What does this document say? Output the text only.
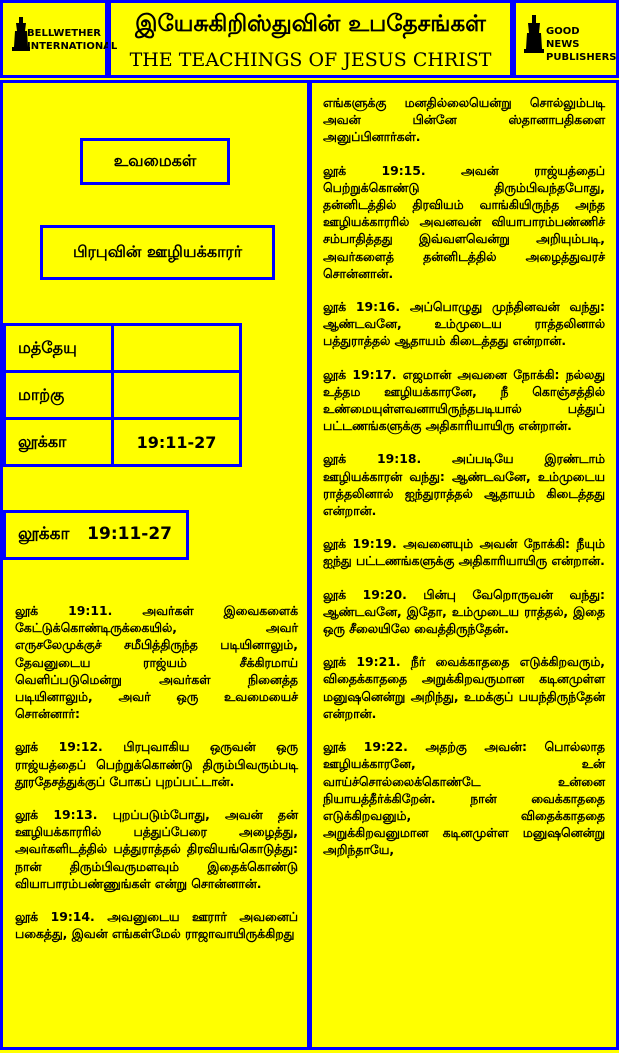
BELLWETHER INTERNATIONAL
இயேசுகிறிஸ்துவின் உபதேசங்கள்
THE TEACHINGS OF JESUS CHRIST
GOOD NEWS PUBLISHERS
உவமைகள்
பிரபுவின் ஊழியக்காரர்
மத்தேயு
மாற்கு
லூக்கா	19:11-27
லூக்கா   19:11-27

லூக் 19:11. அவர்கள் இவைகளைக் கேட்டுக்கொண்டிருக்கையில், அவர் எருசலேமுக்குச் சமீபித்திருந்த படியினாலும், தேவனுடைய ராஜ்யம் சீக்கிரமாய் வெளிப்படுமென்று அவர்கள் நினைத்த படியினாலும், அவர் ஒரு உவமையைச் சொன்னார்:

லூக் 19:12. பிரபுவாகிய ஒருவன் ஒரு ராஜ்யத்தைப் பெற்றுக்கொண்டு திரும்பிவரும்படி தூரதேசத்துக்குப் போகப் புறப்பட்டான்.

லூக் 19:13. புறப்படும்போது, அவன் தன் ஊழியக்காரரில் பத்துப்பேரை அழைத்து, அவர்களிடத்தில் பத்துராத்தல் திரவியங்கொடுத்து: நான் திரும்பிவருமளவும் இதைக்கொண்டு வியாபாரம்பண்ணுங்கள் என்று சொன்னான்.

லூக் 19:14. அவனுடைய ஊரார் அவனைப் பகைத்து, இவன் எங்கள்மேல் ராஜாவாயிருக்கிறது

எங்களுக்கு மனதில்லையென்று சொல்லும்படி அவன் பின்னே ஸ்தானாபதிகளை அனுப்பினார்கள்.

லூக் 19:15. அவன் ராஜ்யத்தைப் பெற்றுக்கொண்டு திரும்பிவந்தபோது, தன்னிடத்தில் திரவியம் வாங்கியிருந்த அந்த ஊழியக்காரரில் அவனவன் வியாபாரம்பண்ணிச் சம்பாதித்தது இவ்வளவென்று அறியும்படி, அவர்களைத் தன்னிடத்தில் அழைத்துவரச் சொன்னான்.

லூக் 19:16. அப்பொழுது முந்தினவன் வந்து: ஆண்டவனே, உம்முடைய ராத்தலினால் பத்துராத்தல் ஆதாயம் கிடைத்தது என்றான்.

லூக் 19:17. எஜமான் அவனை நோக்கி: நல்லது உத்தம ஊழியக்காரனே, நீ கொஞ்சத்தில் உண்மையுள்ளவனாயிருந்தபடியால் பத்துப் பட்டணங்களுக்கு அதிகாரியாயிரு என்றான்.

லூக் 19:18. அப்படியே இரண்டாம் ஊழியக்காரன் வந்து: ஆண்டவனே, உம்முடைய ராத்தலினால் ஐந்துராத்தல் ஆதாயம் கிடைத்தது என்றான்.

லூக் 19:19. அவனையும் அவன் நோக்கி: நீயும் ஐந்து பட்டணங்களுக்கு அதிகாரியாயிரு என்றான்.

லூக் 19:20. பின்பு வேறொருவன் வந்து: ஆண்டவனே, இதோ, உம்முடைய ராத்தல், இதை ஒரு சீலையிலே வைத்திருந்தேன்.

லூக் 19:21. நீர் வைக்காததை எடுக்கிறவரும், விதைக்காததை அறுக்கிறவருமான கடினமுள்ள மனுஷனென்று அறிந்து, உமக்குப் பயந்திருந்தேன் என்றான்.

லூக் 19:22. அதற்கு அவன்: பொல்லாத ஊழியக்காரனே, உன் வாய்ச்சொல்லைக்கொண்டே உன்னை நியாயத்தீர்க்கிறேன். நான் வைக்காததை எடுக்கிறவனும், விதைக்காததை அறுக்கிறவனுமான கடினமுள்ள மனுஷனென்று அறிந்தாயே,
